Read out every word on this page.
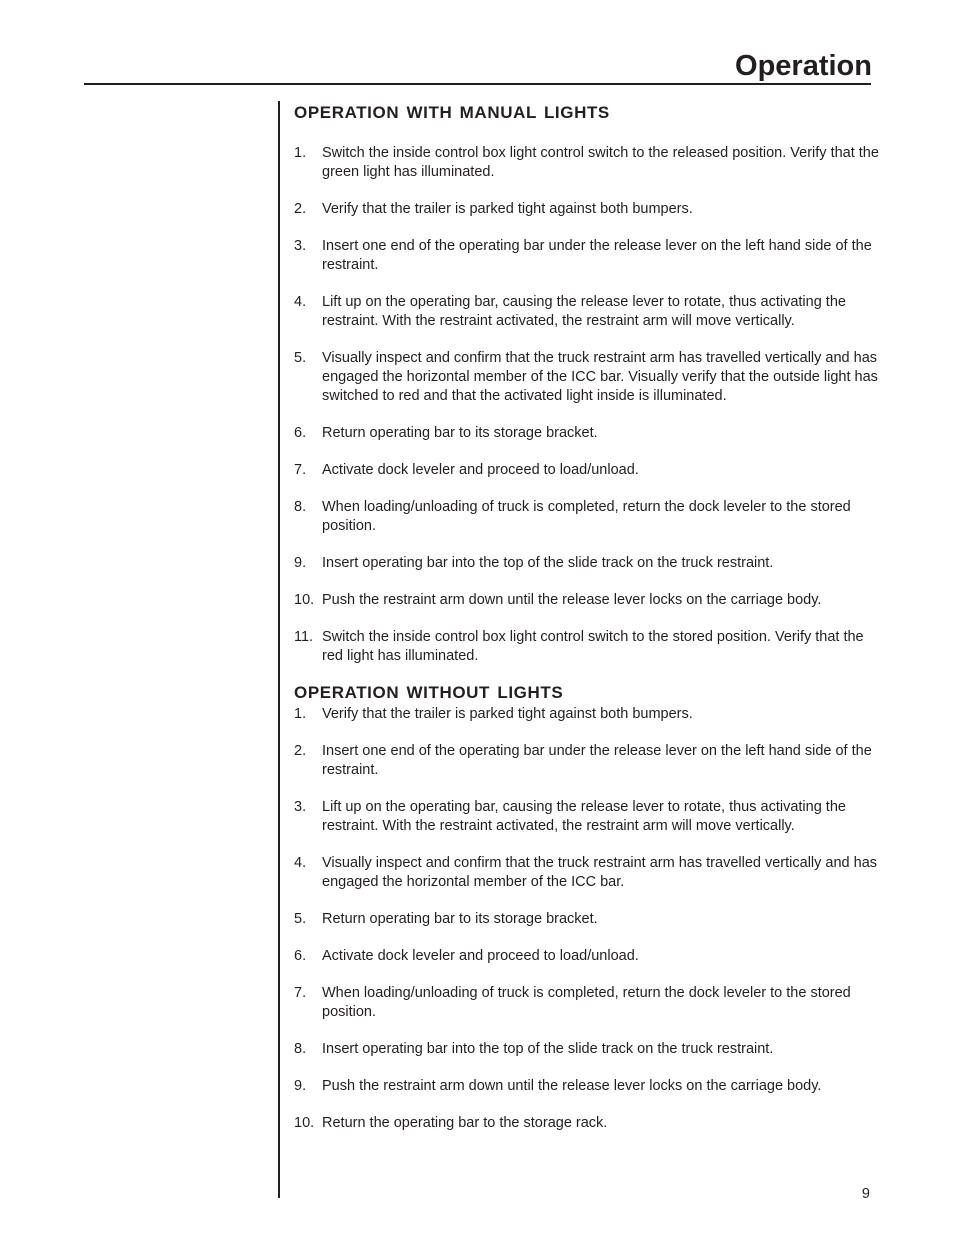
Operation
OPERATION WITH MANUAL LIGHTS
1.	Switch the inside control box light control switch to the released position. Verify that the green light has illuminated.
2.	Verify that the trailer is parked tight against both bumpers.
3.	Insert one end of the operating bar under the release lever on the left hand side of the restraint.
4.	Lift up on the operating bar, causing the release lever to rotate, thus activating the restraint. With the restraint activated, the restraint arm will move vertically.
5.	Visually inspect and confirm that the truck restraint arm has travelled vertically and has engaged the horizontal member of the ICC bar. Visually verify that the outside light has switched to red and that the activated light inside is illuminated.
6.	Return operating bar to its storage bracket.
7.	Activate dock leveler and proceed to load/unload.
8.	When loading/unloading of truck is completed, return the dock leveler to the stored position.
9.	Insert operating bar into the top of the slide track on the truck restraint.
10. Push the restraint arm down until the release lever locks on the carriage body.
11. Switch the inside control box light control switch to the stored position. Verify that the red light has illuminated.
OPERATION WITHOUT LIGHTS
1.	Verify that the trailer is parked tight against both bumpers.
2.	Insert one end of the operating bar under the release lever on the left hand side of the restraint.
3.	Lift up on the operating bar, causing the release lever to rotate, thus activating the restraint. With the restraint activated, the restraint arm will move vertically.
4.	Visually inspect and confirm that the truck restraint arm has travelled vertically and has engaged the horizontal member of the ICC bar.
5.	Return operating bar to its storage bracket.
6.	Activate dock leveler and proceed to load/unload.
7.	When loading/unloading of truck is completed, return the dock leveler to the stored position.
8.	Insert operating bar into the top of the slide track on the truck restraint.
9.	Push the restraint arm down until the release lever locks on the carriage body.
10. Return the operating bar to the storage rack.
9
